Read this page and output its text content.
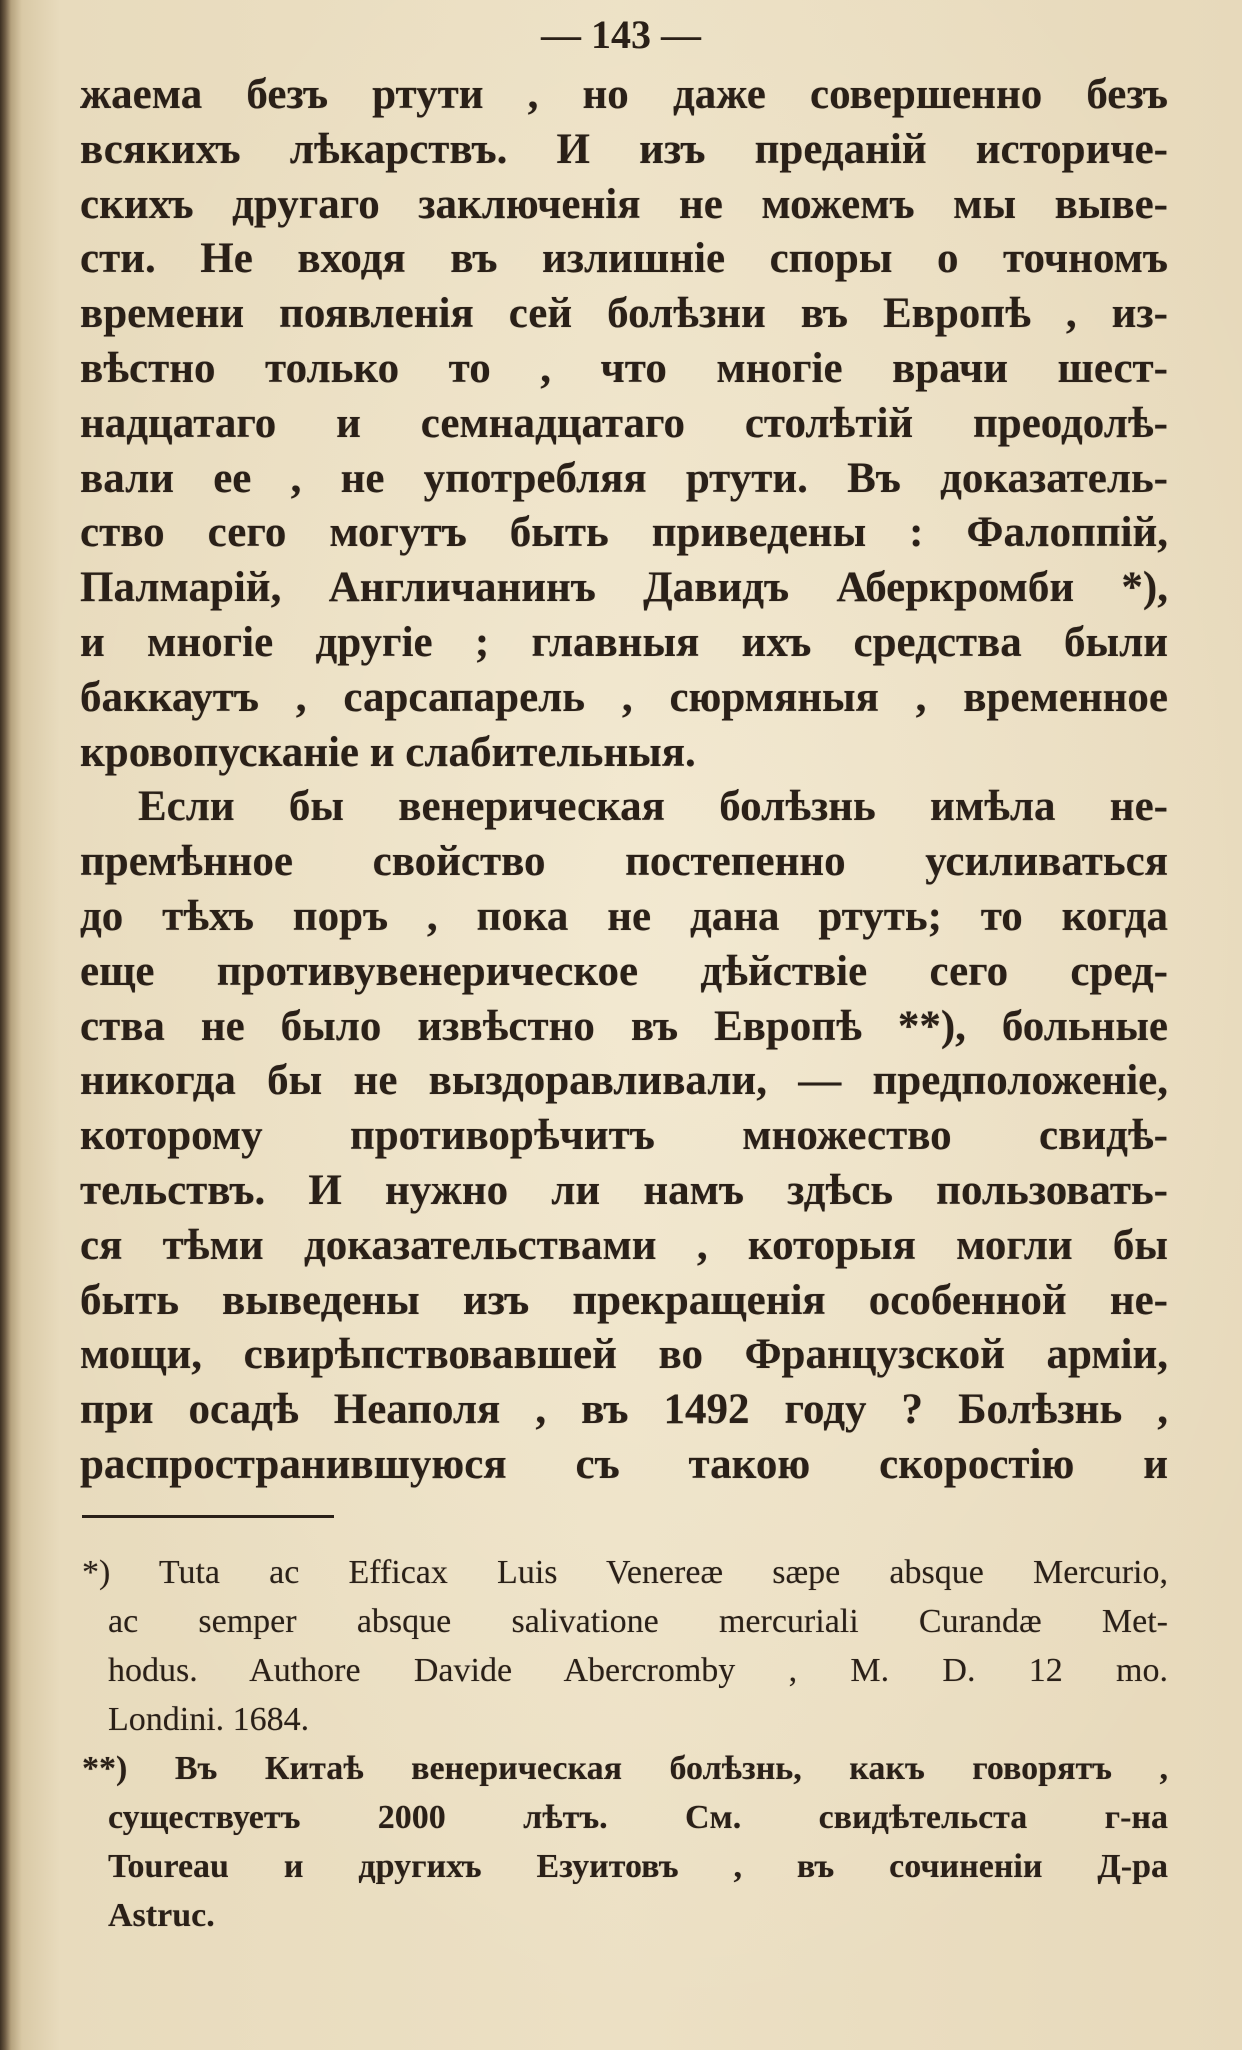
— 143 —
жаема безъ ртути , но даже совершенно безъ
всякихъ лѣкарствъ. И изъ преданій историче-
скихъ другаго заключенія не можемъ мы выве-
сти. Не входя въ излишніе споры о точномъ
времени появленія сей болѣзни въ Европѣ , из-
вѣстно только то , что многіе врачи шест-
надцатаго и семнадцатаго столѣтій преодолѣ-
вали ее , не употребляя ртути. Въ доказатель-
ство сего могутъ быть приведены : Фалоппій,
Палмарій, Англичанинъ Давидъ Аберкромби *),
и многіе другіе ; главныя ихъ средства были
баккаутъ , сарсапарель , сюрмяныя , временное
кровопусканіе и слабительныя.
Если бы венерическая болѣзнь имѣла не-
премѣнное свойство постепенно усиливаться
до тѣхъ поръ , пока не дана ртуть; то когда
еще противувенерическое дѣйствіе сего сред-
ства не было извѣстно въ Европѣ **), больные
никогда бы не выздоравливали, — предположеніе,
которому противорѣчитъ множество свидѣ-
тельствъ. И нужно ли намъ здѣсь пользовать-
ся тѣми доказательствами , которыя могли бы
быть выведены изъ прекращенія особенной не-
мощи, свирѣпствовавшей во Французской арміи,
при осадѣ Неаполя , въ 1492 году ? Болѣзнь ,
распространившуюся съ такою скоростію и
*) Tuta ac Efficax Luis Venereæ sæpe absque Mercurio,
ac semper absque salivatione mercuriali Curandæ Met-
hodus. Authore Davide Abercromby , M. D. 12 mo.
Londini. 1684.
**) Въ Китаѣ венерическая болѣзнь, какъ говорятъ ,
существуетъ 2000 лѣтъ. См. свидѣтельста г-на
Toureau и другихъ Езуитовъ , въ сочиненіи Д-ра
Astruc.
